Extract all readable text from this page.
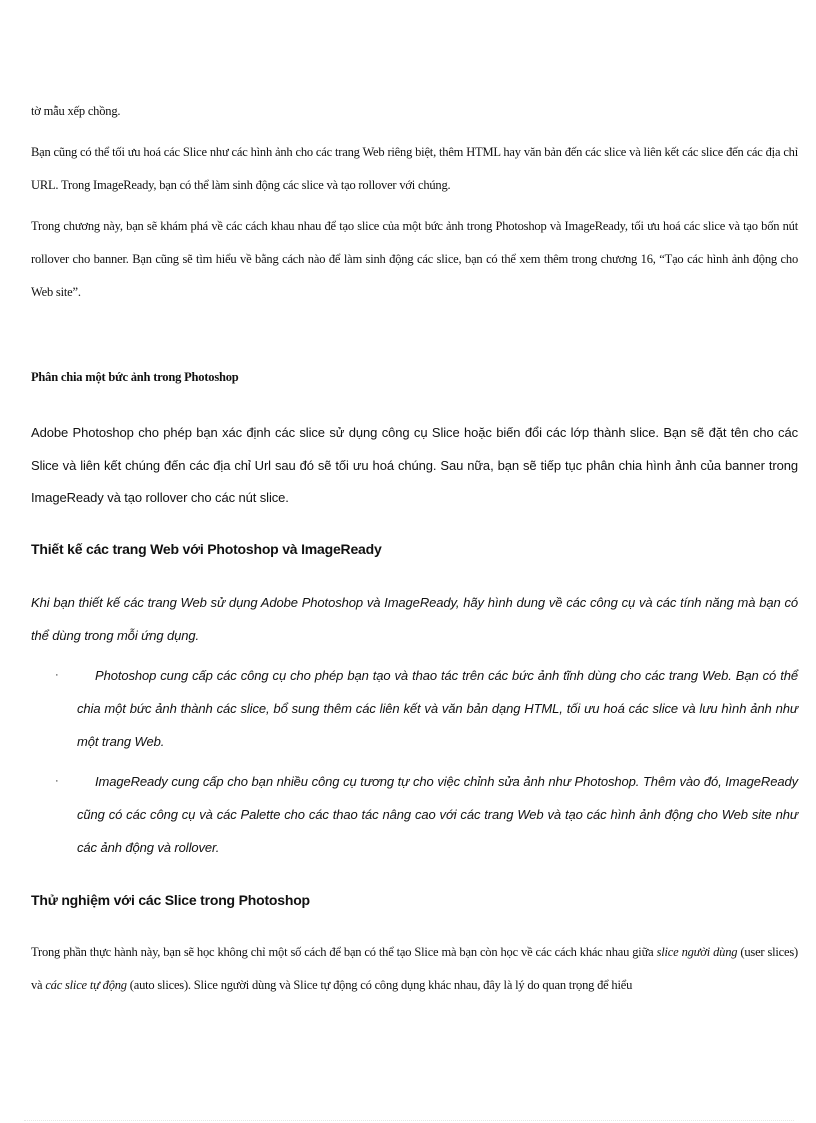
tờ mẫu xếp chồng.

Bạn cũng có thể tối ưu hoá các Slice như các hình ảnh cho các trang Web riêng biệt, thêm HTML hay văn bản đến các slice và liên kết các slice đến các địa chỉ URL. Trong ImageReady, bạn có thể làm sinh động các slice và tạo rollover với chúng.

Trong chương này, bạn sẽ khám phá về các cách khau nhau để tạo slice của một bức ảnh trong Photoshop và ImageReady, tối ưu hoá các slice và tạo bốn nút rollover cho banner. Bạn cũng sẽ tìm hiểu về bằng cách nào để làm sinh động các slice, bạn có thể xem thêm trong chương 16, “Tạo các hình ảnh động cho Web site”.

Phân chia một bức ảnh trong Photoshop

Adobe Photoshop cho phép bạn xác định các slice sử dụng công cụ Slice hoặc biến đổi các lớp thành slice. Bạn sẽ đặt tên cho các Slice và liên kết chúng đến các địa chỉ Url sau đó sẽ tối ưu hoá chúng. Sau nữa, bạn sẽ tiếp tục phân chia hình ảnh của banner trong ImageReady và tạo rollover cho các nút slice.

Thiết kế các trang Web với Photoshop và ImageReady

Khi bạn thiết kế các trang Web sử dụng Adobe Photoshop và ImageReady, hãy hình dung về các công cụ và các tính năng mà bạn có thể dùng trong mỗi ứng dụng.

·	Photoshop cung cấp các công cụ cho phép bạn tạo và thao tác trên các bức ảnh tĩnh dùng cho các trang Web. Bạn có thể chia một bức ảnh thành các slice, bổ sung thêm các liên kết và văn bản dạng HTML, tối ưu hoá các slice và lưu hình ảnh như một trang Web.

·	ImageReady cung cấp cho bạn nhiều công cụ tương tự cho việc chỉnh sửa ảnh như Photoshop. Thêm vào đó, ImageReady cũng có các công cụ và các Palette cho các thao tác nâng cao với các trang Web và tạo các hình ảnh động cho Web site như các ảnh động và rollover.

Thử nghiệm với các Slice trong Photoshop

Trong phần thực hành này, bạn sẽ học không chỉ một số cách để bạn có thể tạo Slice mà bạn còn học về các cách khác nhau giữa slice người dùng (user slices) và các slice tự động (auto slices). Slice người dùng và Slice tự động có công dụng khác nhau, đây là lý do quan trọng để hiểu
